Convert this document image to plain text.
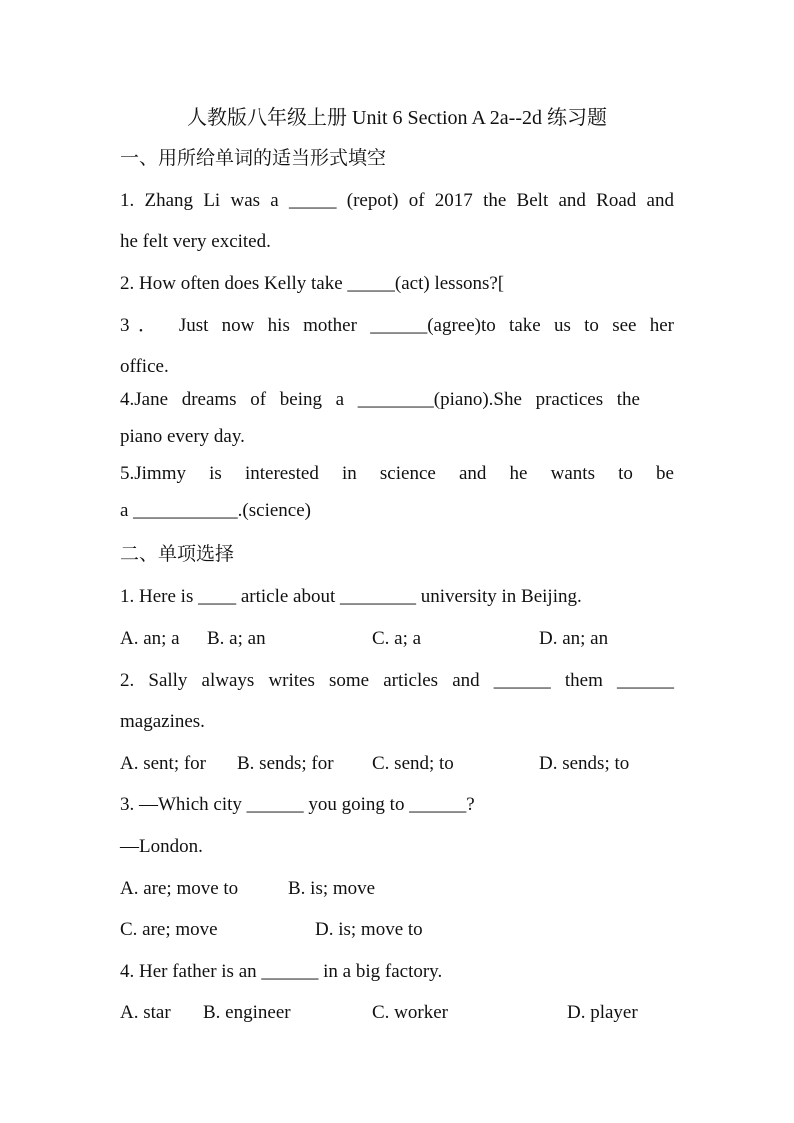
人教版八年级上册 Unit 6 Section A 2a--2d 练习题
一、用所给单词的适当形式填空
1. Zhang Li was a _____ (repot) of 2017 the Belt and Road and
he felt very excited.
2. How often does Kelly take _____(act) lessons?[
3． Just now his mother ______(agree)to take us to see her
office.
4.Jane dreams of being a ________(piano).She practices the
piano every day.
5.Jimmy is interested in science and he wants to be
a ___________.(science)
二、单项选择
1. Here is ____ article about ________ university in Beijing.
A. an; a B. a; an	C. a; a	D. an; an
2. Sally always writes some articles and ______ them ______
magazines.
A. sent; for B. sends; for C. send; to	D. sends; to
3. —Which city ______ you going to ______?
—London.
A. are; move to	B. is; move
C. are; move	D. is; move to
4. Her father is an ______ in a big factory.
A. star B. engineer	C. worker	D. player
